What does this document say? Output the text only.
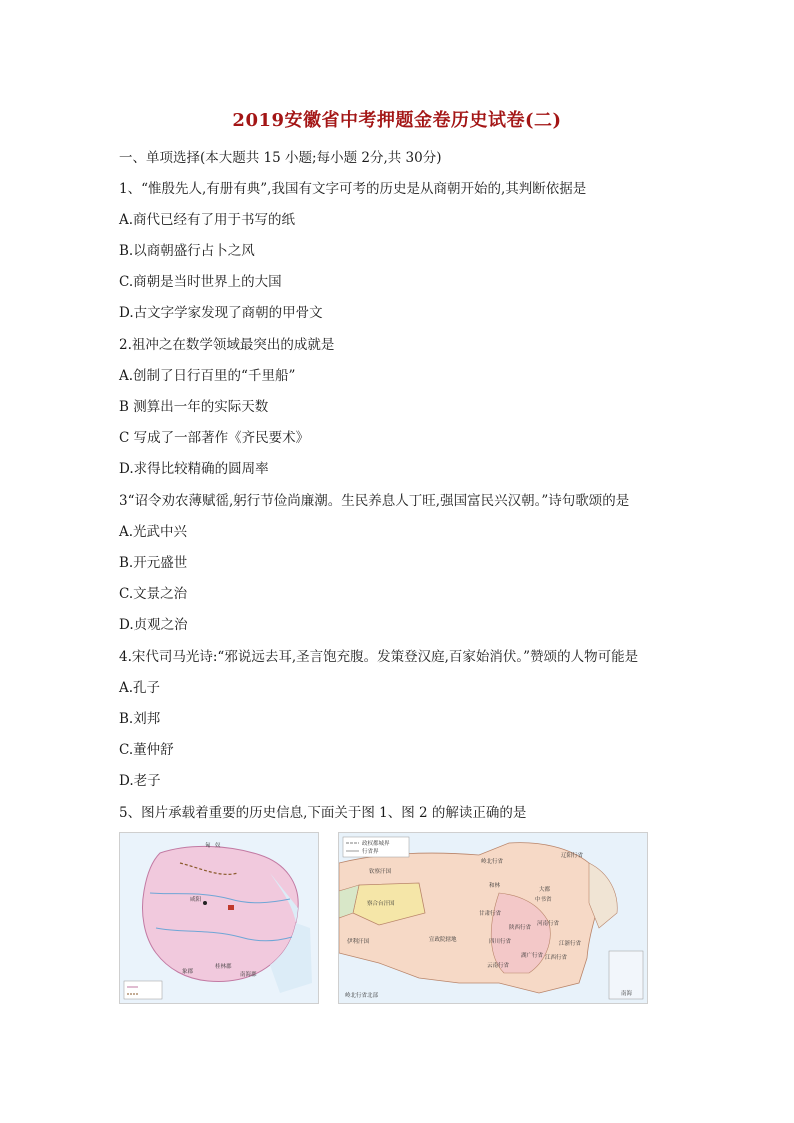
2019安徽省中考押题金卷历史试卷(二)
一、单项选择(本大题共 15 小题;每小题 2分,共 30分)
1、“惟殷先人,有册有典”,我国有文字可考的历史是从商朝开始的,其判断依据是
A.商代已经有了用于书写的纸
B.以商朝盛行占卜之风
C.商朝是当时世界上的大国
D.古文字学家发现了商朝的甲骨文
2.祖冲之在数学领域最突出的成就是
A.创制了日行百里的“千里船”
B 测算出一年的实际天数
C 写成了一部著作《齐民要术》
D.求得比较精确的圆周率
3“诏令劝农薄赋徭,躬行节俭尚廉潮。生民养息人丁旺,强国富民兴汉朝。”诗句歌颂的是
A.光武中兴
B.开元盛世
C.文景之治
D.贞观之治
4.宋代司马光诗:“邪说远去耳,圣言饱充腹。发策登汉庭,百家始消伏。”赞颂的人物可能是
A.孔子
B.刘邦
C.董仲舒
D.老子
5、图片承载着重要的历史信息,下面关于图 1、图 2 的解读正确的是
匈 奴
咸阳
桂林郡
南海郡
象郡
政权都城界
行省界
岭北行省
辽阳行省
钦察汗国
察合台汗国
和林
中书省
大都
甘肃行省
宣政院辖地	四川行省
陕西行省
河南行省
江浙行省
江西行省
湖广行省
云南行省
伊利汗国
岭北行省北部	南海
